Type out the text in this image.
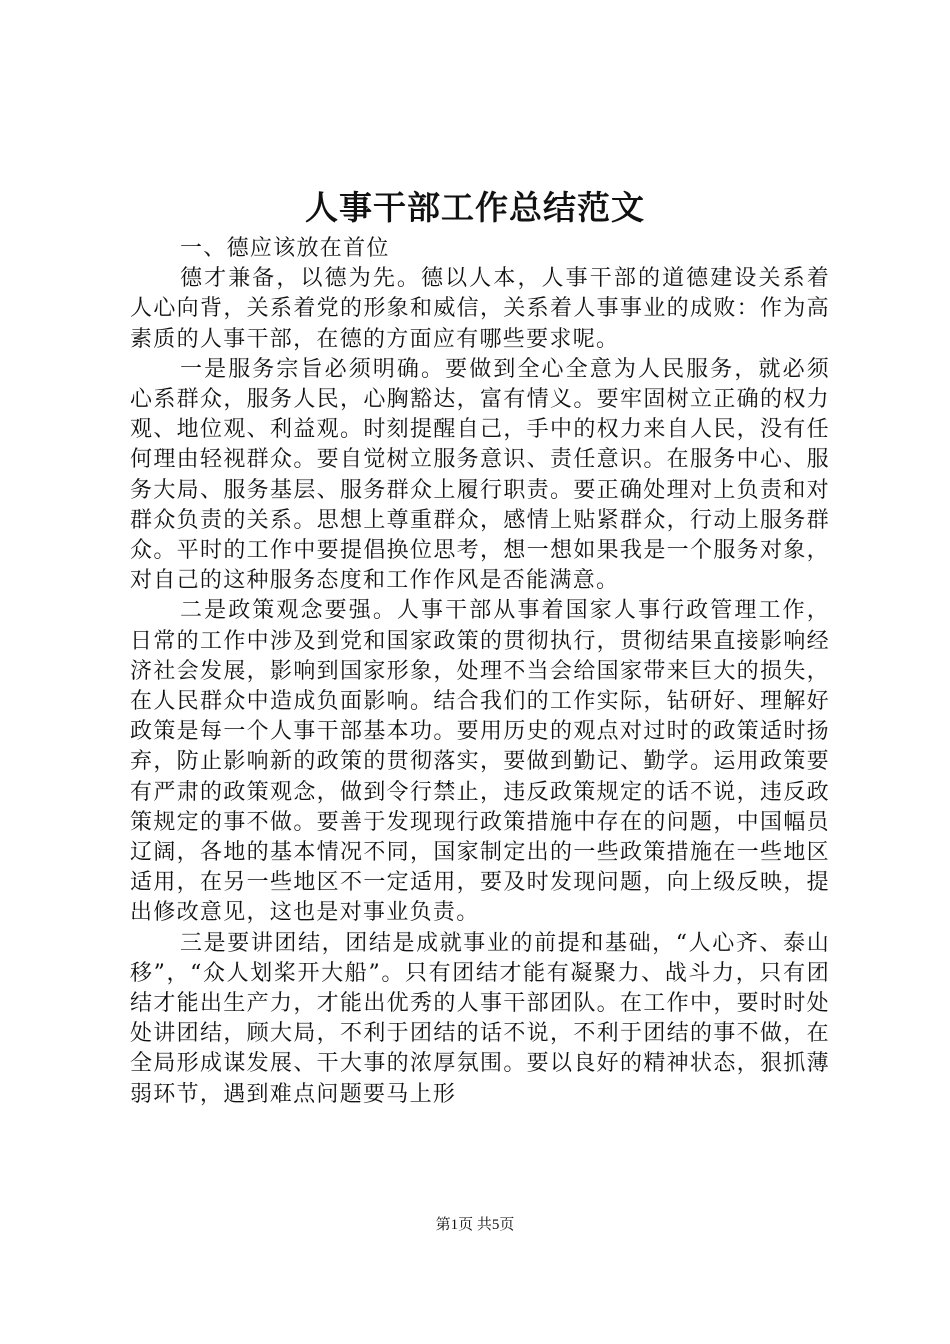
人事干部工作总结范文

一、德应该放在首位

德才兼备，以德为先。德以人本，人事干部的道德建设关系着人心向背，关系着党的形象和威信，关系着人事事业的成败：作为高素质的人事干部，在德的方面应有哪些要求呢。

一是服务宗旨必须明确。要做到全心全意为人民服务，就必须心系群众，服务人民，心胸豁达，富有情义。要牢固树立正确的权力观、地位观、利益观。时刻提醒自己，手中的权力来自人民，没有任何理由轻视群众。要自觉树立服务意识、责任意识。在服务中心、服务大局、服务基层、服务群众上履行职责。要正确处理对上负责和对群众负责的关系。思想上尊重群众，感情上贴紧群众，行动上服务群众。平时的工作中要提倡换位思考，想一想如果我是一个服务对象，对自己的这种服务态度和工作作风是否能满意。

二是政策观念要强。人事干部从事着国家人事行政管理工作，日常的工作中涉及到党和国家政策的贯彻执行，贯彻结果直接影响经济社会发展，影响到国家形象，处理不当会给国家带来巨大的损失，在人民群众中造成负面影响。结合我们的工作实际，钻研好、理解好政策是每一个人事干部基本功。要用历史的观点对过时的政策适时扬弃，防止影响新的政策的贯彻落实，要做到勤记、勤学。运用政策要有严肃的政策观念，做到令行禁止，违反政策规定的话不说，违反政策规定的事不做。要善于发现现行政策措施中存在的问题，中国幅员辽阔，各地的基本情况不同，国家制定出的一些政策措施在一些地区适用，在另一些地区不一定适用，要及时发现问题，向上级反映，提出修改意见，这也是对事业负责。

三是要讲团结，团结是成就事业的前提和基础，“人心齐、泰山移”，“众人划桨开大船”。只有团结才能有凝聚力、战斗力，只有团结才能出生产力，才能出优秀的人事干部团队。在工作中，要时时处处讲团结，顾大局，不利于团结的话不说，不利于团结的事不做，在全局形成谋发展、干大事的浓厚氛围。要以良好的精神状态，狠抓薄弱环节，遇到难点问题要马上形

第1页 共5页
